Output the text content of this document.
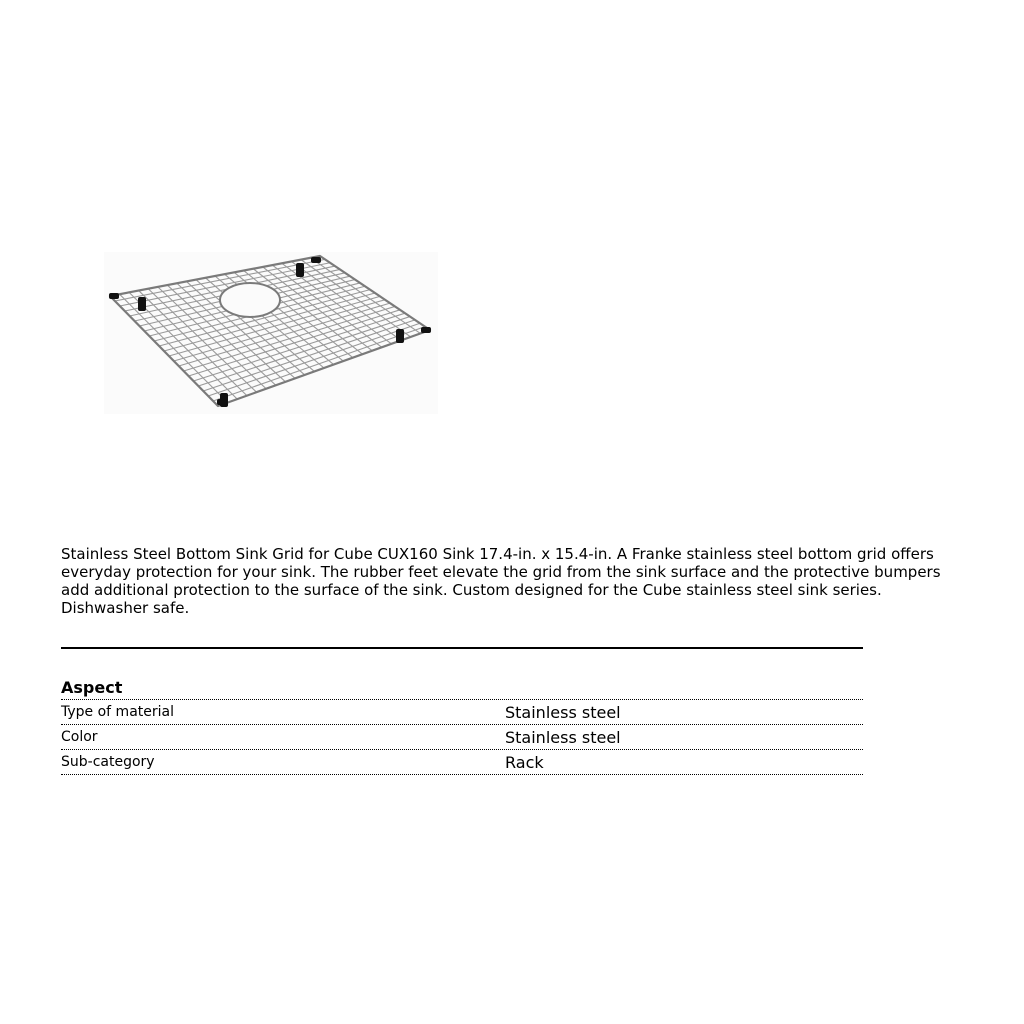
Stainless Steel Bottom Sink Grid for Cube CUX160 Sink 17.4-in. x 15.4-in. A Franke stainless steel bottom grid offers everyday protection for your sink. The rubber feet elevate the grid from the sink surface and the protective bumpers add additional protection to the surface of the sink. Custom designed for the Cube stainless steel sink series. Dishwasher safe.

Aspect
Type of material	Stainless steel
Color	Stainless steel
Sub-category	Rack
